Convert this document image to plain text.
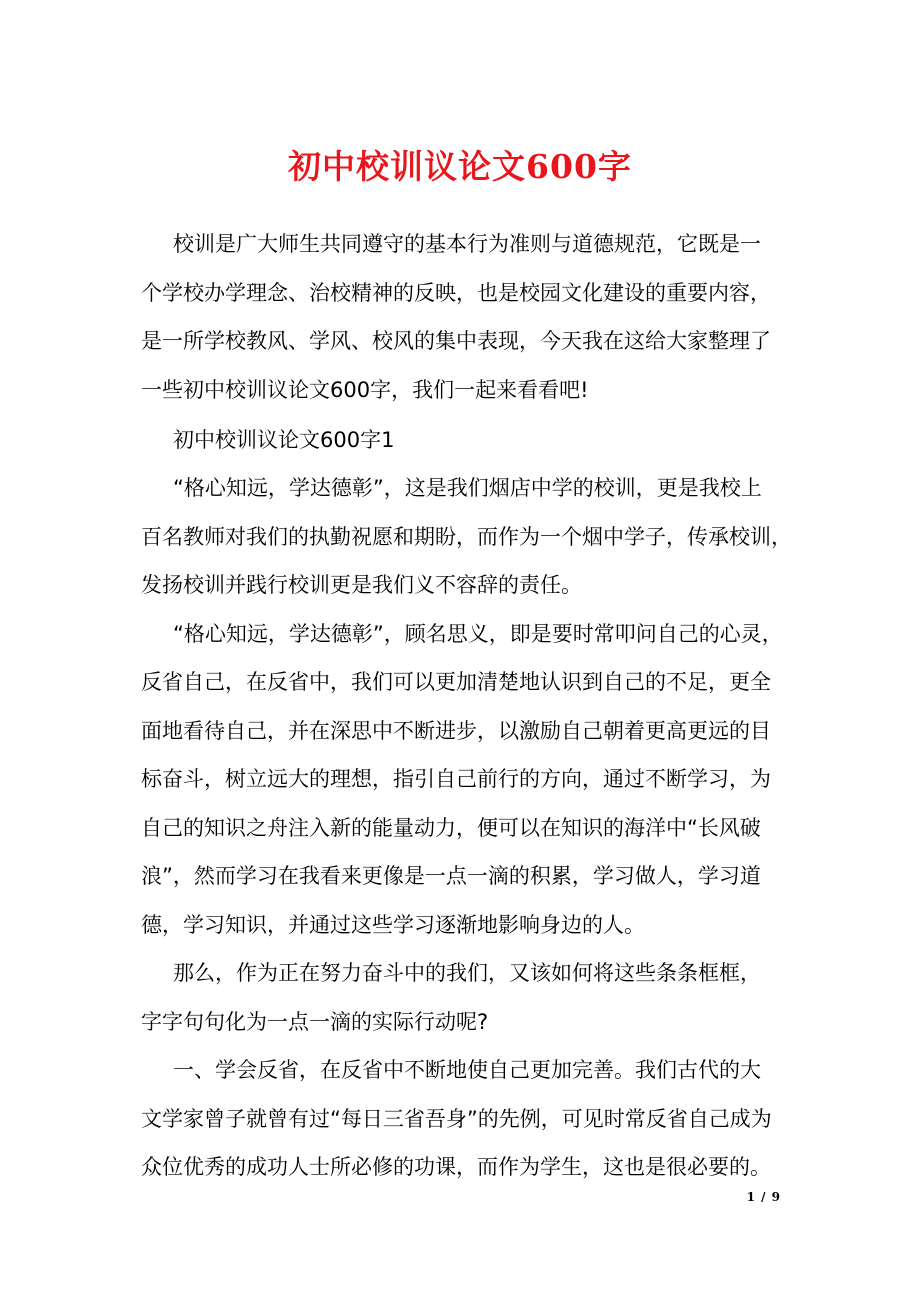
初中校训议论文600字

校训是广大师生共同遵守的基本行为准则与道德规范，它既是一
个学校办学理念、治校精神的反映，也是校园文化建设的重要内容，
是一所学校教风、学风、校风的集中表现，今天我在这给大家整理了
一些初中校训议论文600字，我们一起来看看吧!

初中校训议论文600字1

“格心知远，学达德彰”，这是我们烟店中学的校训，更是我校上
百名教师对我们的执勤祝愿和期盼，而作为一个烟中学子，传承校训，
发扬校训并践行校训更是我们义不容辞的责任。

“格心知远，学达德彰”，顾名思义，即是要时常叩问自己的心灵，
反省自己，在反省中，我们可以更加清楚地认识到自己的不足，更全
面地看待自己，并在深思中不断进步，以激励自己朝着更高更远的目
标奋斗，树立远大的理想，指引自己前行的方向，通过不断学习，为
自己的知识之舟注入新的能量动力，便可以在知识的海洋中“长风破
浪”，然而学习在我看来更像是一点一滴的积累，学习做人，学习道
德，学习知识，并通过这些学习逐渐地影响身边的人。

那么，作为正在努力奋斗中的我们，又该如何将这些条条框框，
字字句句化为一点一滴的实际行动呢?

一、学会反省，在反省中不断地使自己更加完善。我们古代的大
文学家曾子就曾有过“每日三省吾身”的先例，可见时常反省自己成为
众位优秀的成功人士所必修的功课，而作为学生，这也是很必要的。

1 / 9
